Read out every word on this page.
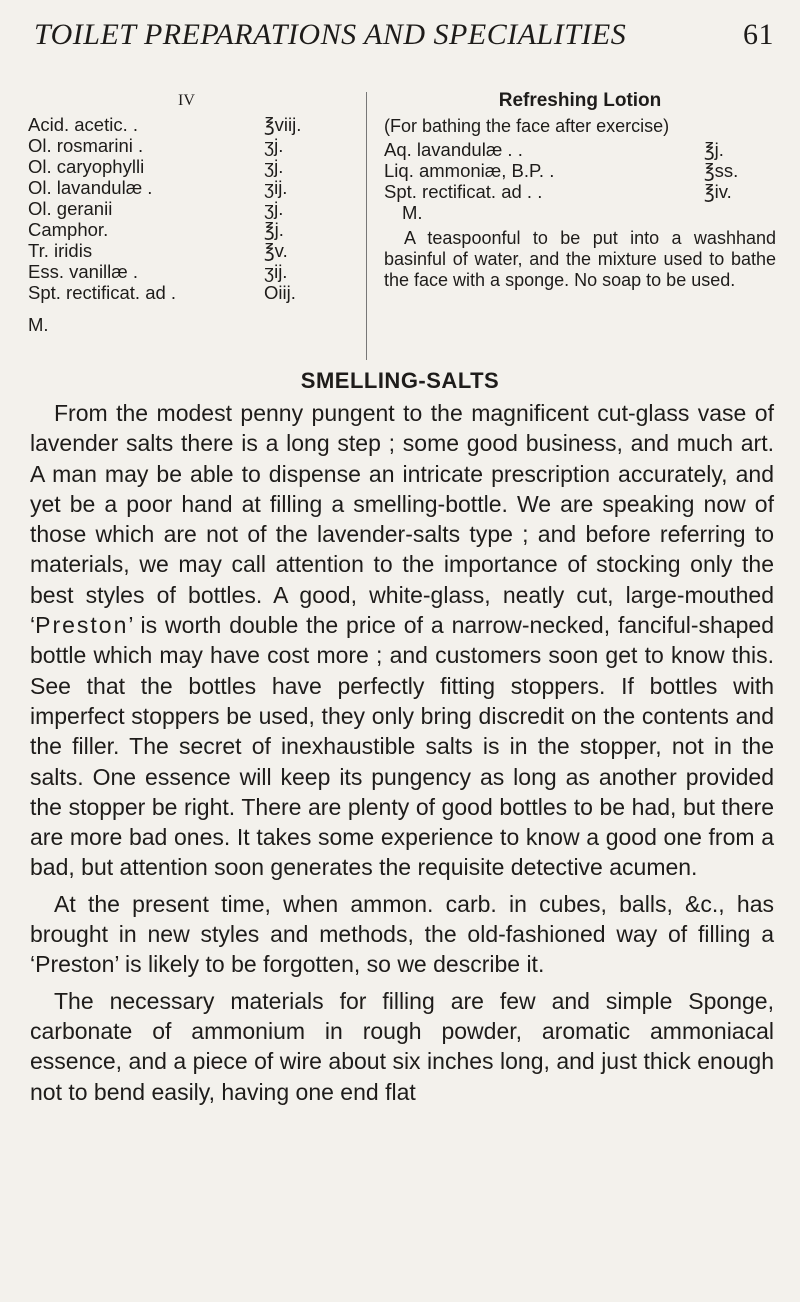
TOILET PREPARATIONS AND SPECIALITIES	61
IV
Acid. acetic. .	℥viij.
Ol. rosmarini .	ʒj.
Ol. caryophylli	ʒj.
Ol. lavandulæ .	ʒij.
Ol. geranii	ʒj.
Camphor.	℥j.
Tr. iridis	℥v.
Ess. vanillæ .	ʒij.
Spt. rectificat. ad .	Oiij.
M.
Refreshing Lotion
(For bathing the face after exercise)
Aq. lavandulæ . .	℥j.
Liq. ammoniæ, B.P. .	℥ss.
Spt. rectificat. ad . .	℥iv.
M.
A teaspoonful to be put into a washhand basinful of water, and the mixture used to bathe the face with a sponge. No soap to be used.
SMELLING-SALTS

From the modest penny pungent to the magnificent cut-glass vase of lavender salts there is a long step ; some good business, and much art. A man may be able to dispense an intricate prescription accurately, and yet be a poor hand at filling a smelling-bottle. We are speaking now of those which are not of the lavender-salts type ; and before referring to materials, we may call attention to the importance of stocking only the best styles of bottles. A good, white-glass, neatly cut, large-mouthed ‘Preston’ is worth double the price of a narrow-necked, fanciful-shaped bottle which may have cost more ; and customers soon get to know this. See that the bottles have perfectly fitting stoppers. If bottles with imperfect stoppers be used, they only bring discredit on the contents and the filler. The secret of inexhaustible salts is in the stopper, not in the salts. One essence will keep its pungency as long as another provided the stopper be right. There are plenty of good bottles to be had, but there are more bad ones. It takes some experience to know a good one from a bad, but attention soon generates the requisite detective acumen.

At the present time, when ammon. carb. in cubes, balls, &c., has brought in new styles and methods, the old-fashioned way of filling a ‘Preston’ is likely to be forgotten, so we describe it.

The necessary materials for filling are few and simple Sponge, carbonate of ammonium in rough powder, aromatic ammoniacal essence, and a piece of wire about six inches long, and just thick enough not to bend easily, having one end flat
